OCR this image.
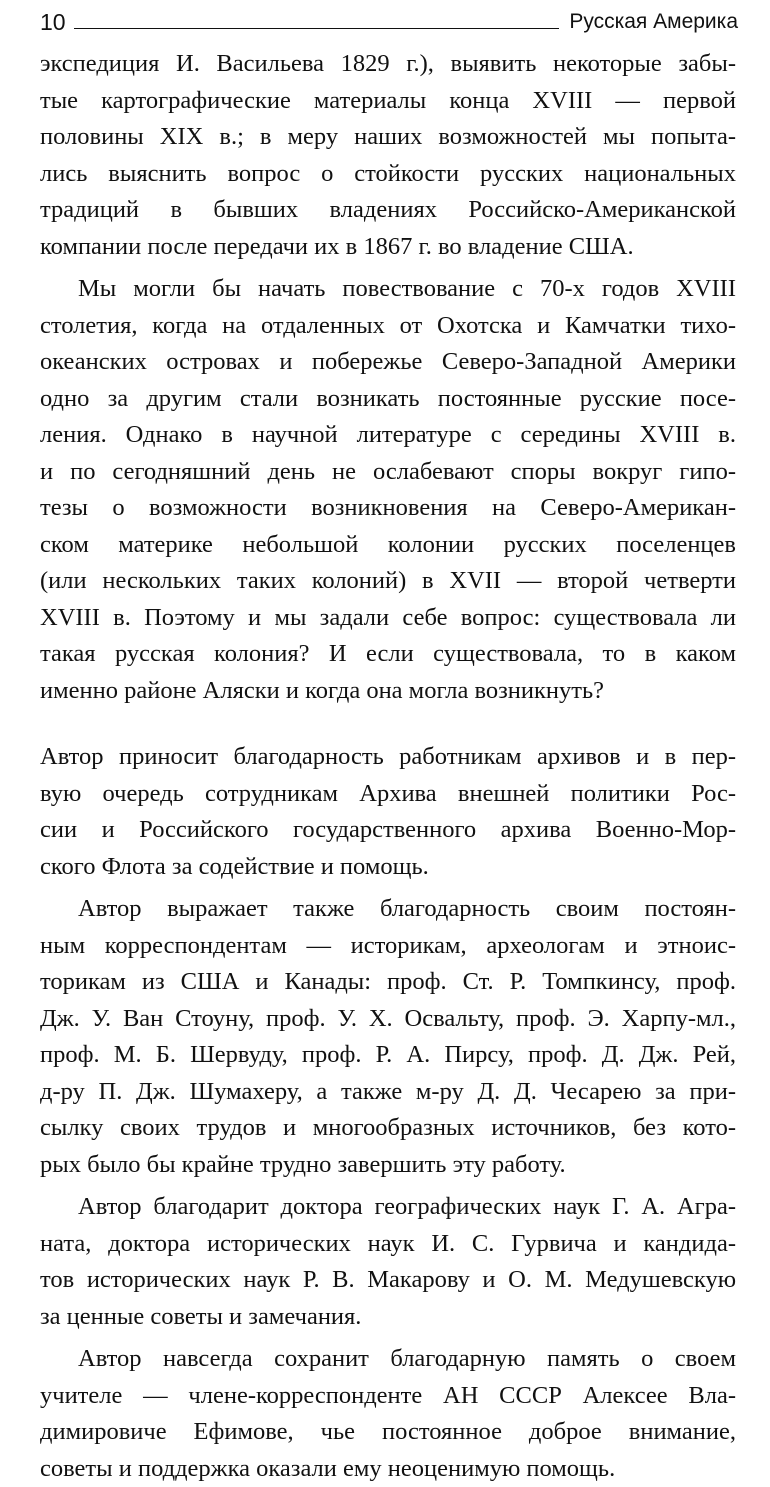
10	Русская Америка
экспедиция И. Васильева 1829 г.), выявить некоторые забы-
тые картографические материалы конца XVIII — первой
половины XIX в.; в меру наших возможностей мы попыта-
лись выяснить вопрос о стойкости русских национальных
традиций в бывших владениях Российско-Американской
компании после передачи их в 1867 г. во владение США.
Мы могли бы начать повествование с 70-х годов XVIII
столетия, когда на отдаленных от Охотска и Камчатки тихо-
океанских островах и побережье Северо-Западной Америки
одно за другим стали возникать постоянные русские посе-
ления. Однако в научной литературе с середины XVIII в.
и по сегодняшний день не ослабевают споры вокруг гипо-
тезы о возможности возникновения на Северо-Американ-
ском материке небольшой колонии русских поселенцев
(или нескольких таких колоний) в XVII — второй четверти
XVIII в. Поэтому и мы задали себе вопрос: существовала ли
такая русская колония? И если существовала, то в каком
именно районе Аляски и когда она могла возникнуть?
Автор приносит благодарность работникам архивов и в пер-
вую очередь сотрудникам Архива внешней политики Рос-
сии и Российского государственного архива Военно-Мор-
ского Флота за содействие и помощь.
Автор выражает также благодарность своим постоян-
ным корреспондентам — историкам, археологам и этноис-
торикам из США и Канады: проф. Ст. Р. Томпкинсу, проф.
Дж. У. Ван Стоуну, проф. У. Х. Освальту, проф. Э. Харпу-мл.,
проф. М. Б. Шервуду, проф. Р. А. Пирсу, проф. Д. Дж. Рей,
д-ру П. Дж. Шумахеру, а также м-ру Д. Д. Чесарею за при-
сылку своих трудов и многообразных источников, без кото-
рых было бы крайне трудно завершить эту работу.
Автор благодарит доктора географических наук Г. А. Агра-
ната, доктора исторических наук И. С. Гурвича и кандида-
тов исторических наук Р. В. Макарову и О. М. Медушевскую
за ценные советы и замечания.
Автор навсегда сохранит благодарную память о своем
учителе — члене-корреспонденте АН СССР Алексее Вла-
димировиче Ефимове, чье постоянное доброе внимание,
советы и поддержка оказали ему неоценимую помощь.
